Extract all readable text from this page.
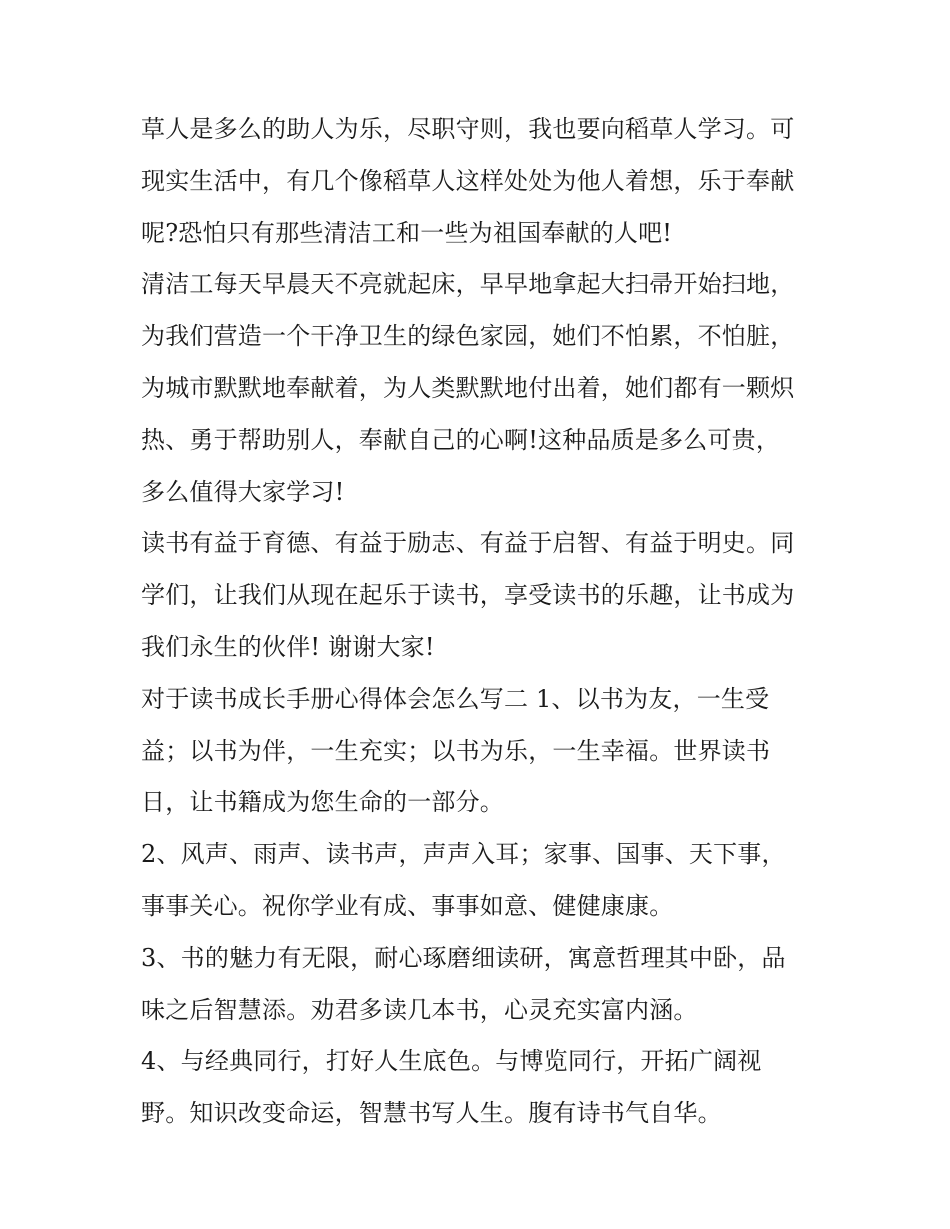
草人是多么的助人为乐，尽职守则，我也要向稻草人学习。可
现实生活中，有几个像稻草人这样处处为他人着想，乐于奉献
呢?恐怕只有那些清洁工和一些为祖国奉献的人吧!
清洁工每天早晨天不亮就起床，早早地拿起大扫帚开始扫地，
为我们营造一个干净卫生的绿色家园，她们不怕累，不怕脏，
为城市默默地奉献着，为人类默默地付出着，她们都有一颗炽
热、勇于帮助别人，奉献自己的心啊!这种品质是多么可贵，
多么值得大家学习!
读书有益于育德、有益于励志、有益于启智、有益于明史。同
学们，让我们从现在起乐于读书，享受读书的乐趣，让书成为
我们永生的伙伴! 谢谢大家!
对于读书成长手册心得体会怎么写二 1、以书为友，一生受
益；以书为伴，一生充实；以书为乐，一生幸福。世界读书
日，让书籍成为您生命的一部分。
2、风声、雨声、读书声，声声入耳；家事、国事、天下事，
事事关心。祝你学业有成、事事如意、健健康康。
3、书的魅力有无限，耐心琢磨细读研，寓意哲理其中卧，品
味之后智慧添。劝君多读几本书，心灵充实富内涵。
4、与经典同行，打好人生底色。与博览同行，开拓广阔视
野。知识改变命运，智慧书写人生。腹有诗书气自华。
